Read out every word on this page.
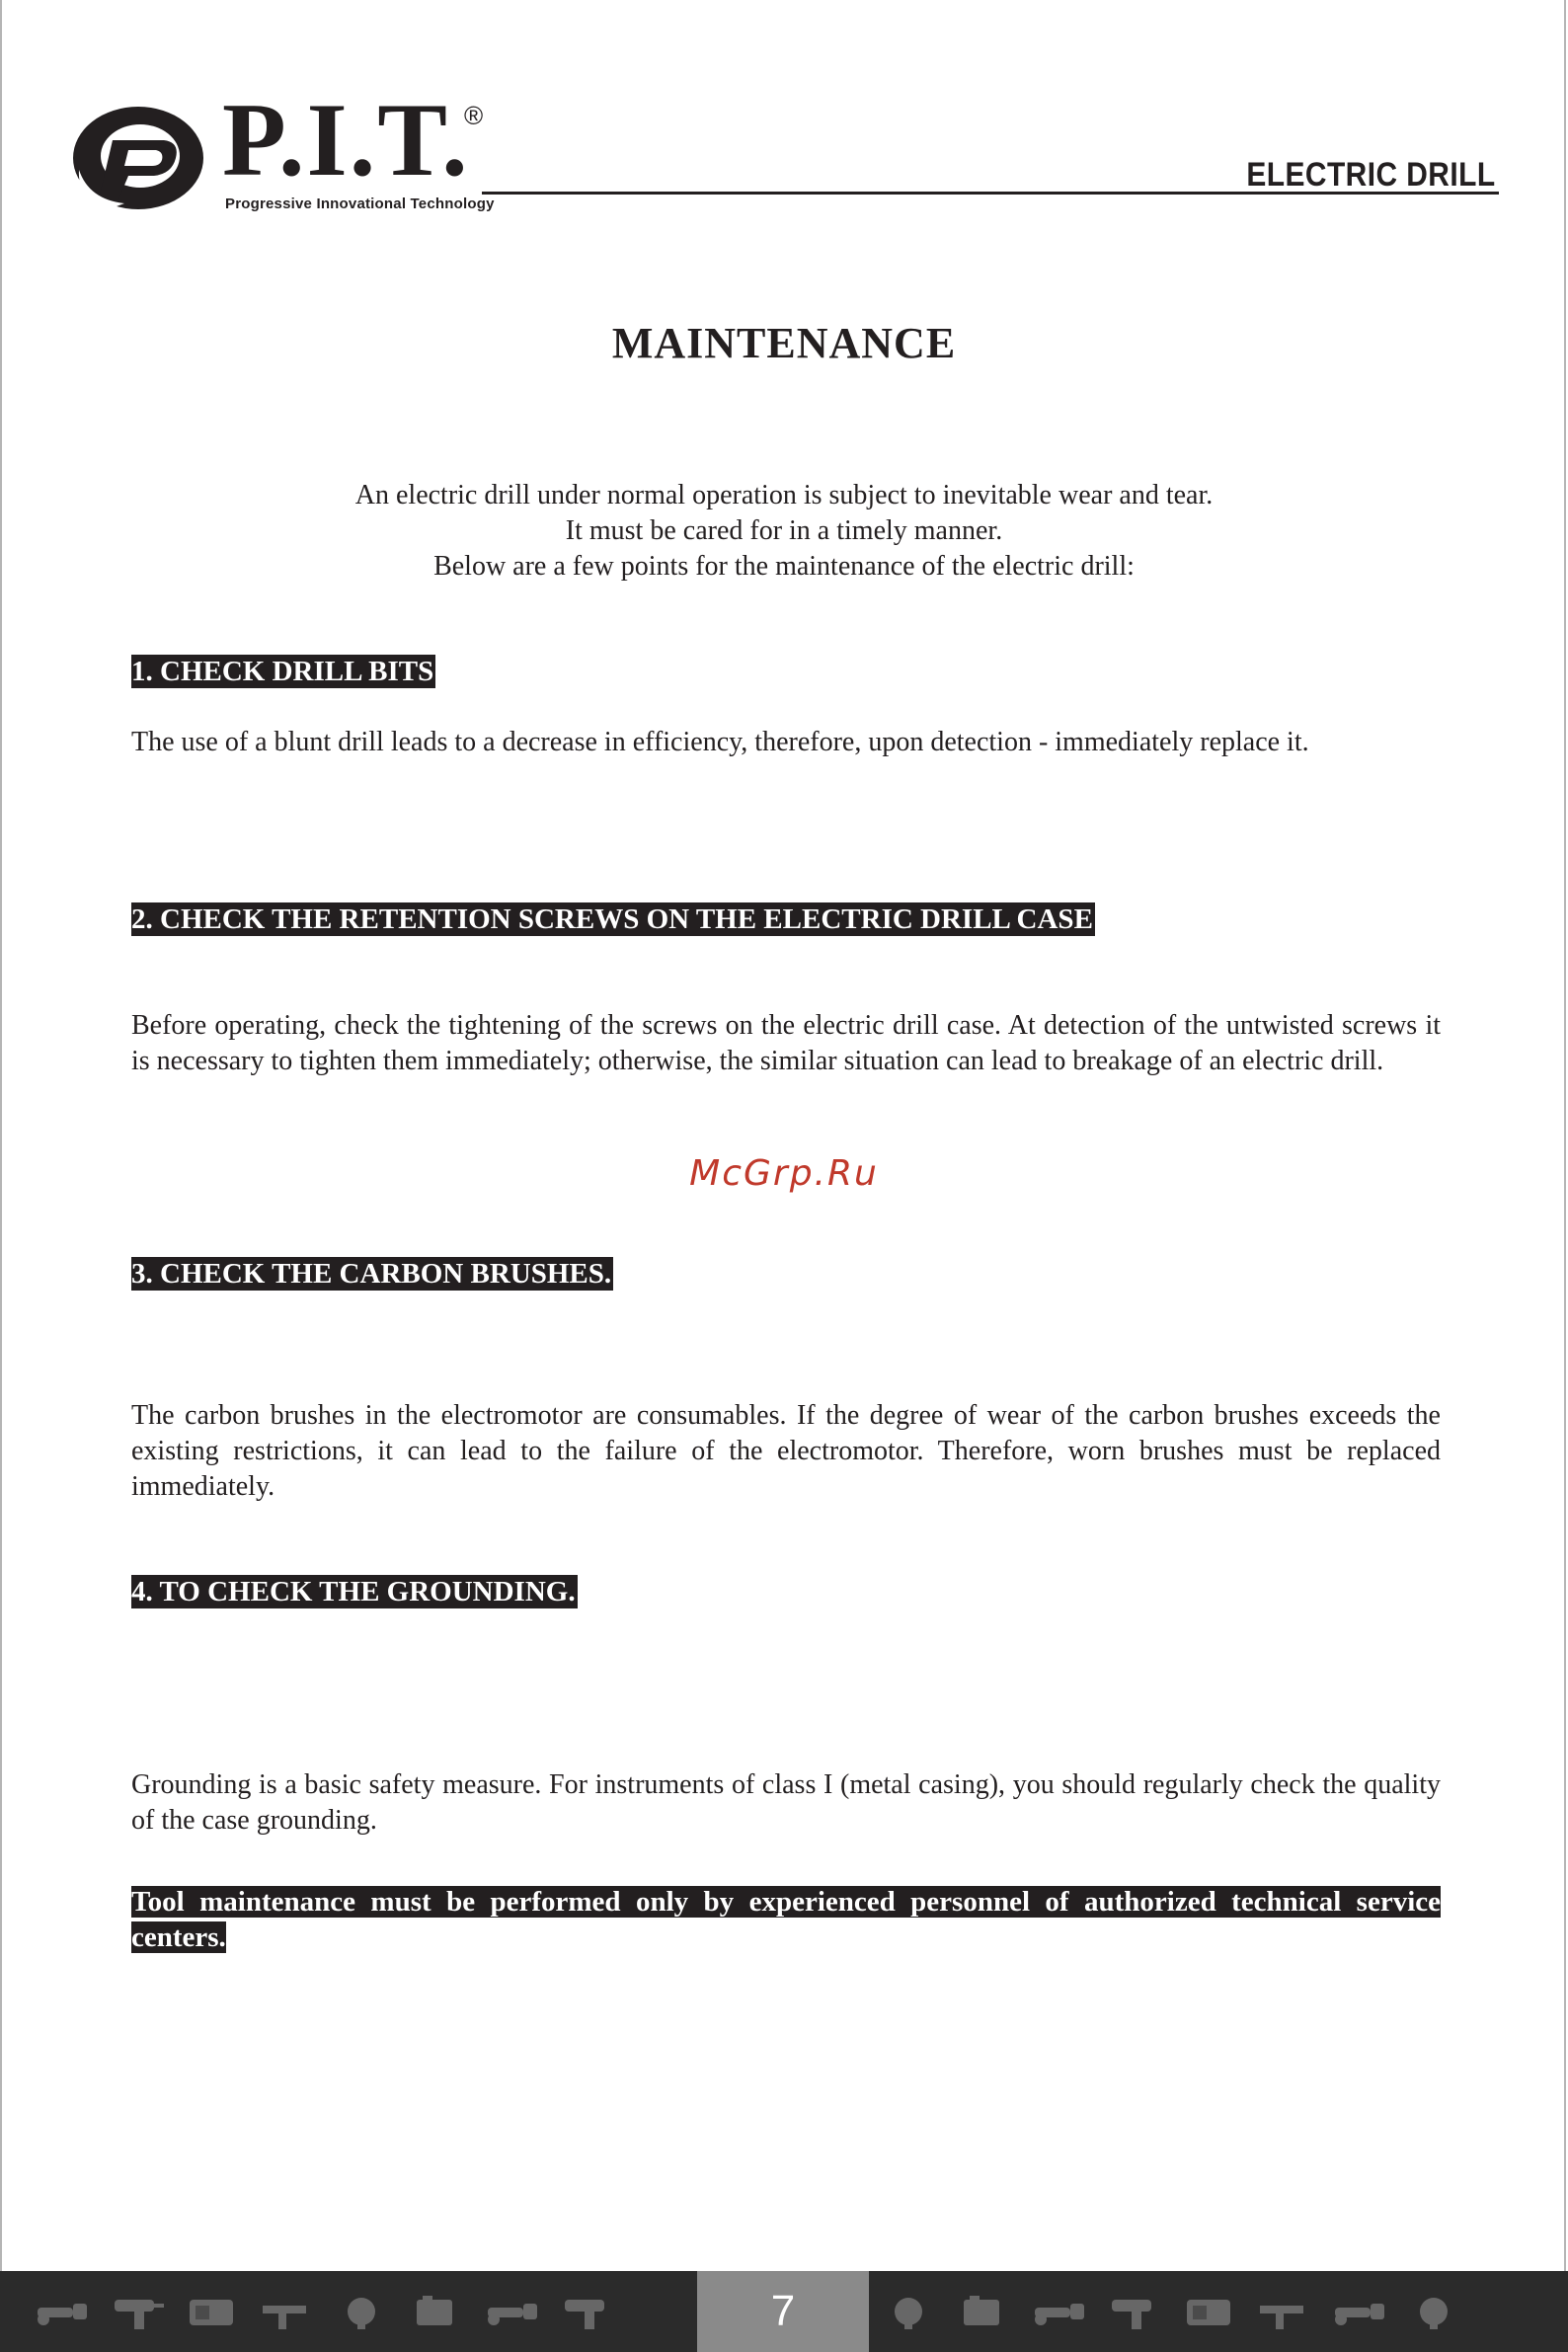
P.I.T.
®
Progressive Innovational Technology
ELECTRIC DRILL
MAINTENANCE
An electric drill under normal operation is subject to inevitable wear and tear.
It must be cared for in a timely manner.
Below are a few points for the maintenance of the electric drill:
1. CHECK DRILL BITS
The use of a blunt drill leads to a decrease in efficiency, therefore, upon detection - immediately replace it.
2. CHECK THE RETENTION SCREWS ON THE ELECTRIC DRILL CASE
Before operating, check the tightening of the screws on the electric drill case. At detection of the untwisted screws it is necessary to tighten them immediately; otherwise, the similar situation can lead to breakage of an electric drill.
McGrp.Ru
3. CHECK THE CARBON BRUSHES.
The carbon brushes in the electromotor are consumables. If the degree of wear of the carbon brushes exceeds the existing restrictions, it can lead to the failure of the electromotor. Therefore, worn brushes must be replaced immediately.
4. TO CHECK THE GROUNDING.
Grounding is a basic safety measure. For instruments of class I (metal casing), you should regularly check the quality of the case grounding.
Tool maintenance must be performed only by experienced personnel of authorized technical service centers.
7
